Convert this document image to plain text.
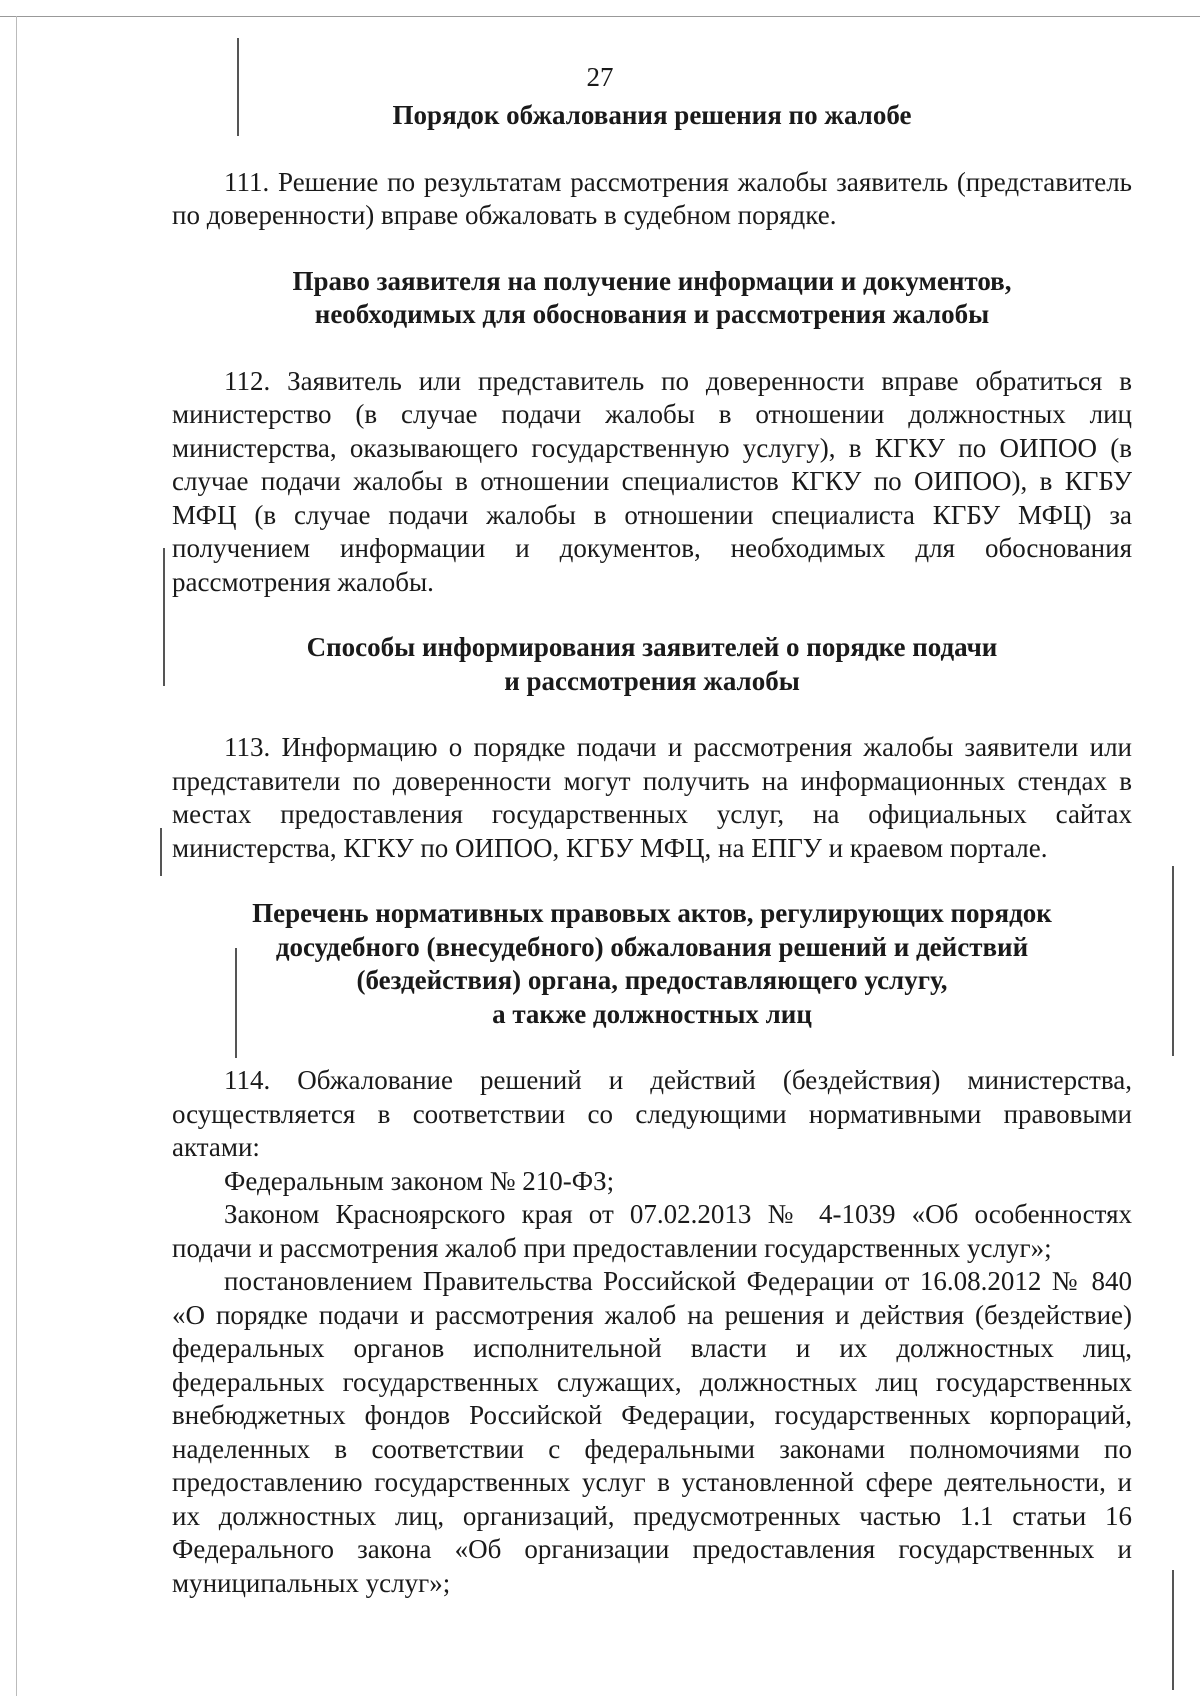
27

Порядок обжалования решения по жалобе

111. Решение по результатам рассмотрения жалобы заявитель (представитель по доверенности) вправе обжаловать в судебном порядке.

Право заявителя на получение информации и документов,
необходимых для обоснования и рассмотрения жалобы

112. Заявитель или представитель по доверенности вправе обратиться в министерство (в случае подачи жалобы в отношении должностных лиц министерства, оказывающего государственную услугу), в КГКУ по ОИПОО (в случае подачи жалобы в отношении специалистов КГКУ по ОИПОО), в КГБУ МФЦ (в случае подачи жалобы в отношении специалиста КГБУ МФЦ) за получением информации и документов, необходимых для обоснования рассмотрения жалобы.

Способы информирования заявителей о порядке подачи
и рассмотрения жалобы

113. Информацию о порядке подачи и рассмотрения жалобы заявители или представители по доверенности могут получить на информационных стендах в местах предоставления государственных услуг, на официальных сайтах министерства, КГКУ по ОИПОО, КГБУ МФЦ, на ЕПГУ и краевом портале.

Перечень нормативных правовых актов, регулирующих порядок
досудебного (внесудебного) обжалования решений и действий
(бездействия) органа, предоставляющего услугу,
а также должностных лиц

114. Обжалование решений и действий (бездействия) министерства, осуществляется в соответствии со следующими нормативными правовыми актами:

Федеральным законом № 210-ФЗ;

Законом Красноярского края от 07.02.2013 № 4-1039 «Об особенностях подачи и рассмотрения жалоб при предоставлении государственных услуг»;

постановлением Правительства Российской Федерации от 16.08.2012 № 840 «О порядке подачи и рассмотрения жалоб на решения и действия (бездействие) федеральных органов исполнительной власти и их должностных лиц, федеральных государственных служащих, должностных лиц государственных внебюджетных фондов Российской Федерации, государственных корпораций, наделенных в соответствии с федеральными законами полномочиями по предоставлению государственных услуг в установленной сфере деятельности, и их должностных лиц, организаций, предусмотренных частью 1.1 статьи 16 Федерального закона «Об организации предоставления государственных и муниципальных услуг»;
